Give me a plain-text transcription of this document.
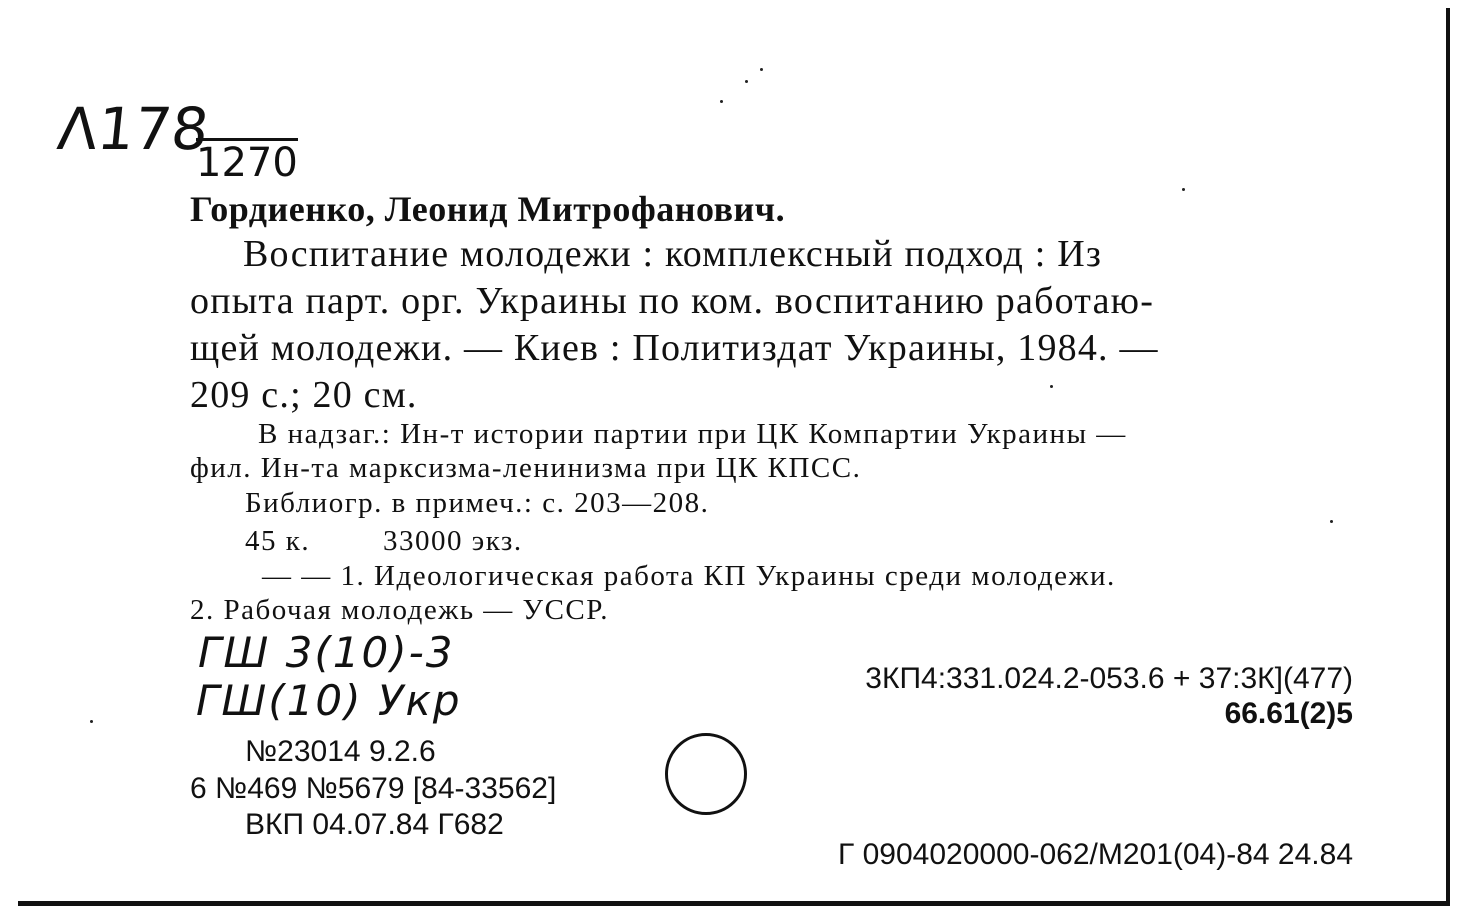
Λ178
1270
Гордиенко, Леонид Митрофанович.
Воспитание молодежи : комплексный подход : Из
опыта парт. орг. Украины по ком. воспитанию работаю-
щей молодежи. — Киев : Политиздат Украины, 1984. —
209 с.; 20 см.
В надзаг.: Ин-т истории партии при ЦК Компартии Украины —
фил. Ин-та марксизма-ленинизма при ЦК КПСС.
Библиогр. в примеч.: с. 203—208.
45 к.	33000 экз.
— — 1. Идеологическая работа КП Украины среди молодежи.
2. Рабочая молодежь — УССР.
ГШ 3(10)-3
ГШ(10) Укр	3КП4:331.024.2-053.6 + 37:3К](477)
66.61(2)5
№23014 9.2.6
6 №469 №5679 [84-33562]
ВКП 04.07.84 Г682
Г 0904020000-062/М201(04)-84 24.84
